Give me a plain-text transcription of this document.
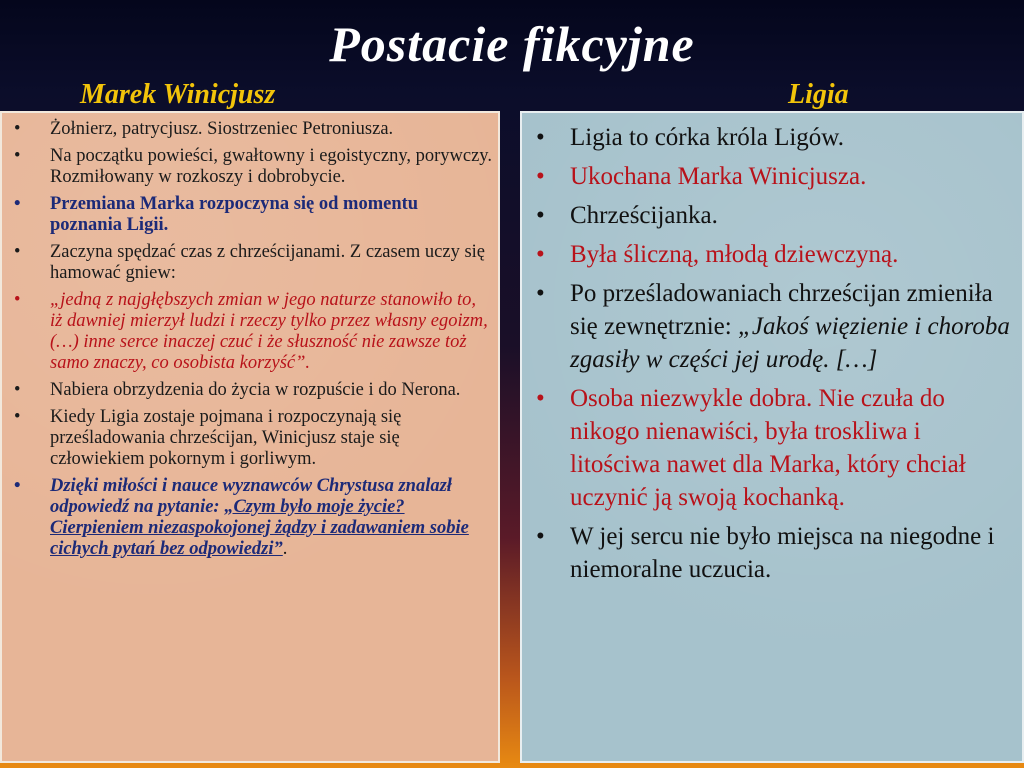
Postacie fikcyjne
Marek Winicjusz	Ligia
• Żołnierz, patrycjusz. Siostrzeniec Petroniusza.
• Na początku powieści, gwałtowny i egoistyczny, porywczy. Rozmiłowany w rozkoszy i dobrobycie.
• Przemiana Marka rozpoczyna się od momentu poznania Ligii.
• Zaczyna spędzać czas z chrześcijanami. Z czasem uczy się hamować gniew:
• „jedną z najgłębszych zmian w jego naturze stanowiło to, iż dawniej mierzył ludzi i rzeczy tylko przez własny egoizm, (…) inne serce inaczej czuć i że słuszność nie zawsze toż samo znaczy, co osobista korzyść”.
• Nabiera obrzydzenia do życia w rozpuście i do Nerona.
• Kiedy Ligia zostaje pojmana i rozpoczynają się prześladowania chrześcijan, Winicjusz staje się człowiekiem pokornym i gorliwym.
• Dzięki miłości i nauce wyznawców Chrystusa znalazł odpowiedź na pytanie: „Czym było moje życie? Cierpieniem niezaspokojonej żądzy i zadawaniem sobie cichych pytań bez odpowiedzi”.
• Ligia to córka króla Ligów.
• Ukochana Marka Winicjusza.
• Chrześcijanka.
• Była śliczną, młodą dziewczyną.
• Po prześladowaniach chrześcijan zmieniła się zewnętrznie: „Jakoś więzienie i choroba zgasiły w części jej urodę. […]
• Osoba niezwykle dobra. Nie czuła do nikogo nienawiści, była troskliwa i litościwa nawet dla Marka, który chciał uczynić ją swoją kochanką.
• W jej sercu nie było miejsca na niegodne i niemoralne uczucia.
